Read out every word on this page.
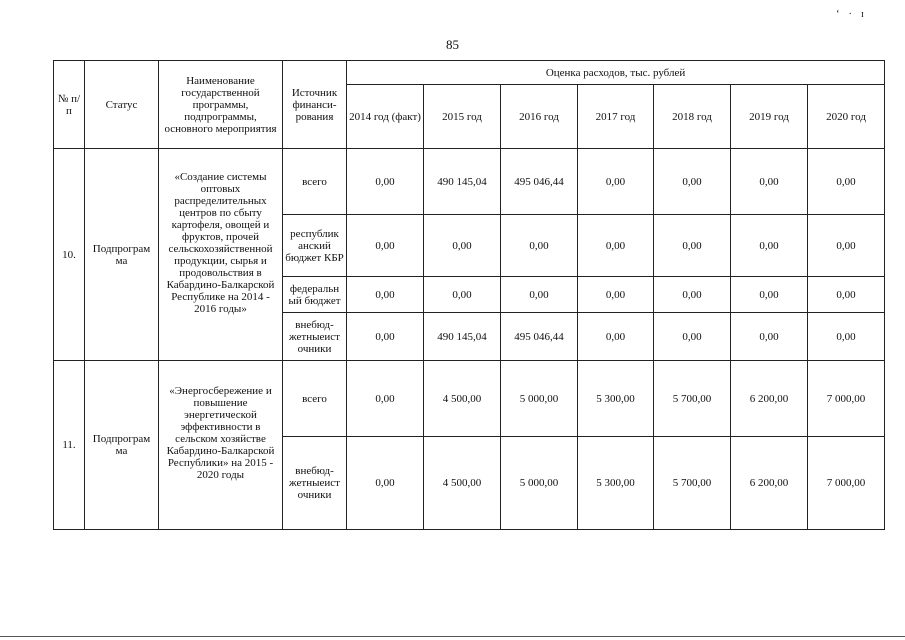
ʻ · ɪ
85
№ п/п	Статус	Наименование государственной программы, подпрограммы, основного мероприятия	Источник финанси-рования	Оценка расходов, тыс. рублей						
				2014 год (факт)	2015 год	2016 год	2017 год	2018 год	2019 год	2020 год
10.	Подпрограм ма	«Создание системы оптовых распределительных центров по сбыту картофеля, овощей и фруктов, прочей сельскохозяйственной продукции, сырья и продовольствия в Кабардино-Балкарской Республике на 2014 - 2016 годы»	всего	0,00	490 145,04	495 046,44	0,00	0,00	0,00	0,00
			республик анский бюджет КБР	0,00	0,00	0,00	0,00	0,00	0,00	0,00
			федеральн ый бюджет	0,00	0,00	0,00	0,00	0,00	0,00	0,00
			внебюд-жетныеист очники	0,00	490 145,04	495 046,44	0,00	0,00	0,00	0,00
11.	Подпрограм ма	«Энергосбережение и повышение энергетической эффективности в сельском хозяйстве Кабардино-Балкарской Республики» на 2015 - 2020 годы	всего	0,00	4 500,00	5 000,00	5 300,00	5 700,00	6 200,00	7 000,00
			внебюд-жетныеист очники	0,00	4 500,00	5 000,00	5 300,00	5 700,00	6 200,00	7 000,00
